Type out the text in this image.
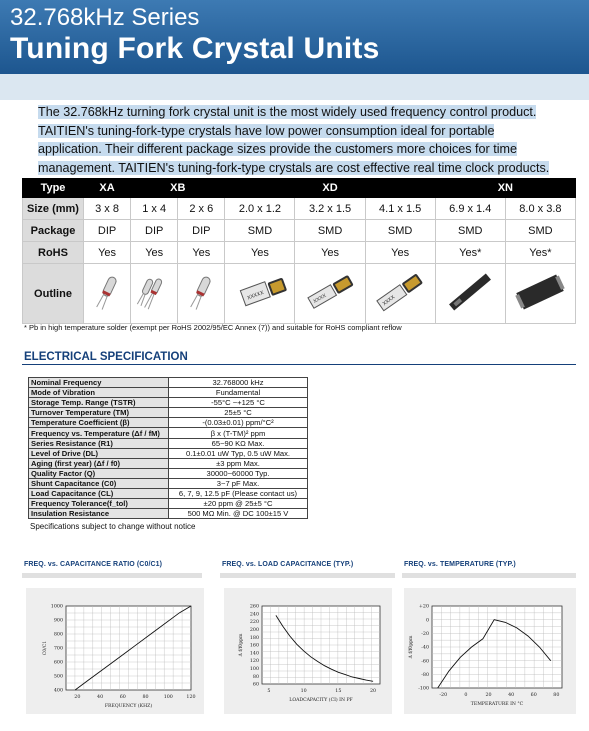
32.768kHz Series
Tuning Fork Crystal Units
The 32.768kHz turning fork crystal unit is the most widely used frequency control product.
TAITIEN's tuning-fork-type crystals have low power consumption ideal for portable
application. Their different package sizes provide the customers more choices for time
management. TAITIEN's tuning-fork-type crystals are cost effective real time clock products.
Type	XA	XB		XD			XN	
Size (mm)	3 x 8	1 x 4	2 x 6	2.0 x 1.2	3.2 x 1.5	4.1 x 1.5	6.9 x 1.4	8.0 x 3.8
Package	DIP	DIP	DIP	SMD	SMD	SMD	SMD	SMD
RoHS	Yes	Yes	Yes	Yes	Yes	Yes	Yes*	Yes*
Outline				XXXXX	XXXX	XXXX

* Pb in high temperature solder (exempt per RoHS 2002/95/EC Annex (7)) and suitable for RoHS compliant reflow
ELECTRICAL SPECIFICATION
Nominal Frequency	32.768000 kHz
Mode of Vibration	Fundamental
Storage Temp. Range (TSTR)	-55°C ~+125 °C
Turnover Temperature (TM)	25±5 °C
Temperature Coefficient (β)	-(0.03±0.01) ppm/°C²
Frequency vs. Temperature (Δf / fM)	β x (T-TM)² ppm
Series Resistance (R1)	65~90 KΩ Max.
Level of Drive (DL)	0.1±0.01 uW Typ, 0.5 uW Max.
Aging (first year) (Δf / f0)	±3 ppm Max.
Quality Factor (Q)	30000~60000 Typ.
Shunt Capacitance (C0)	3~7 pF Max.
Load Capacitance (CL)	6, 7, 9, 12.5 pF (Please contact us)
Frequency Tolerance(f_tol)	±20 ppm @ 25±5 °C
Insulation Resistance	500 MΩ Min. @ DC 100±15 V
Specifications subject to change without notice
FREQ. vs. CAPACITANCE RATIO (C0/C1)	FREQ. vs. LOAD CAPACITANCE (TYP.)	FREQ. vs. TEMPERATURE (TYP.)
20	40	60	80	100	120
1000
900
800
700
600
500
400
FREQUENCY (KHZ)
C0/C1
5	10	15	20
260
240
220
200
180
160
140
120
100
80
60
LOADCAPACITY (CI) IN PF
Δ f/f0ppm
-20	0	20	40	60	80
+20
0
-20
-40
-60
-80
-100
TEMPERATURE IN °C
Δ f/f0ppm
